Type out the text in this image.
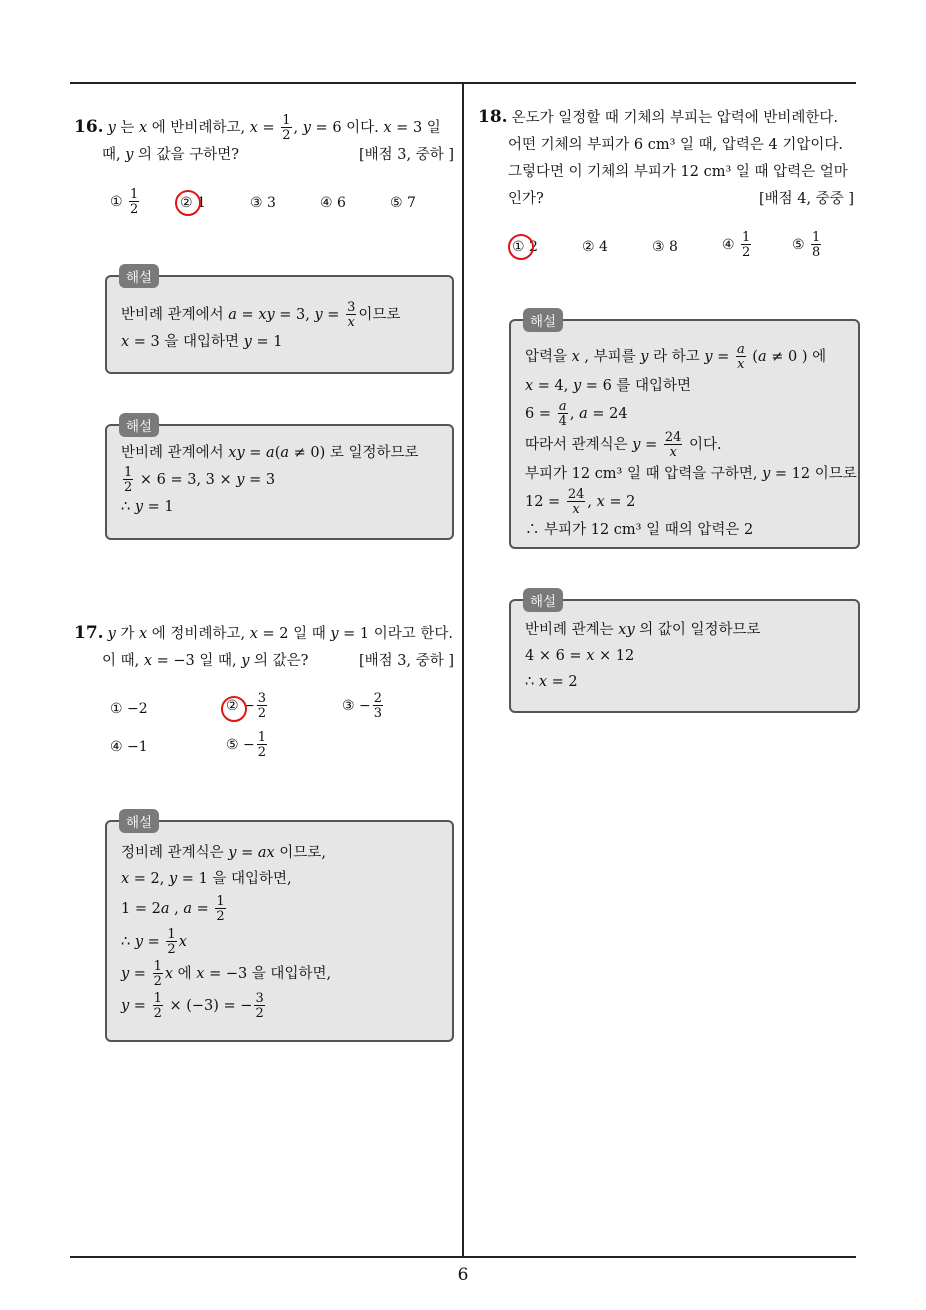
6
16. y 는 x 에 반비례하고, $x = \frac{1}{2}$ , y = 6 이다. x = 3 일
때, y 의 값을 구하면?	[배점 3, 중하 ]
① $\frac{1}{2}$	② 1	③ 3	④ 6	⑤ 7
해설
반비례 관계에서 a = xy = 3, $y = \frac{3}{x}$ 이므로
x = 3 을 대입하면 y = 1
해설
반비례 관계에서 xy = a(a ≠ 0) 로 일정하므로
$\frac{1}{2} \times 6 = 3$, 3 × y = 3
∴ y = 1
17. y 가 x 에 정비례하고, x = 2 일 때 y = 1 이라고 한다.
이 때, x = −3 일 때, y 의 값은?	[배점 3, 중하 ]
① −2	② − $\frac{3}{2}$	③ − $\frac{2}{3}$
④ −1	⑤ − $\frac{1}{2}$
해설
정비례 관계식은 y = ax 이므로,
x = 2, y = 1 을 대입하면,
1 = 2a , $a = \frac{1}{2}$
∴ $y = \frac{1}{2}$ x
$y = \frac{1}{2}$ x 에 x = −3 을 대입하면,
$y = \frac{1}{2} \times (-3)$ = − $\frac{3}{2}$
18. 온도가 일정할 때 기체의 부피는 압력에 반비례한다.
어떤 기체의 부피가 6 cm³ 일 때, 압력은 4 기압이다.
그렇다면 이 기체의 부피가 12 cm³ 일 때 압력은 얼마
인가?	[배점 4, 중중 ]
① 2	② 4	③ 8	④ $\frac{1}{2}$	⑤ $\frac{1}{8}$
해설
압력을 x , 부피를 y 라 하고 $y = \frac{a}{x} (a \ne 0$ ) 에
x = 4, y = 6 를 대입하면
$6 = \frac{a}{4}$ , a = 24
따라서 관계식은 $y = \frac{24}{x}$ 이다.
부피가 12 cm³ 일 때 압력을 구하면, y = 12 이므로
$12 = \frac{24}{x}$ , x = 2
∴ 부피가 12 cm³ 일 때의 압력은 2
해설
반비례 관계는 xy 의 값이 일정하므로
4 × 6 = x × 12
∴ x = 2
